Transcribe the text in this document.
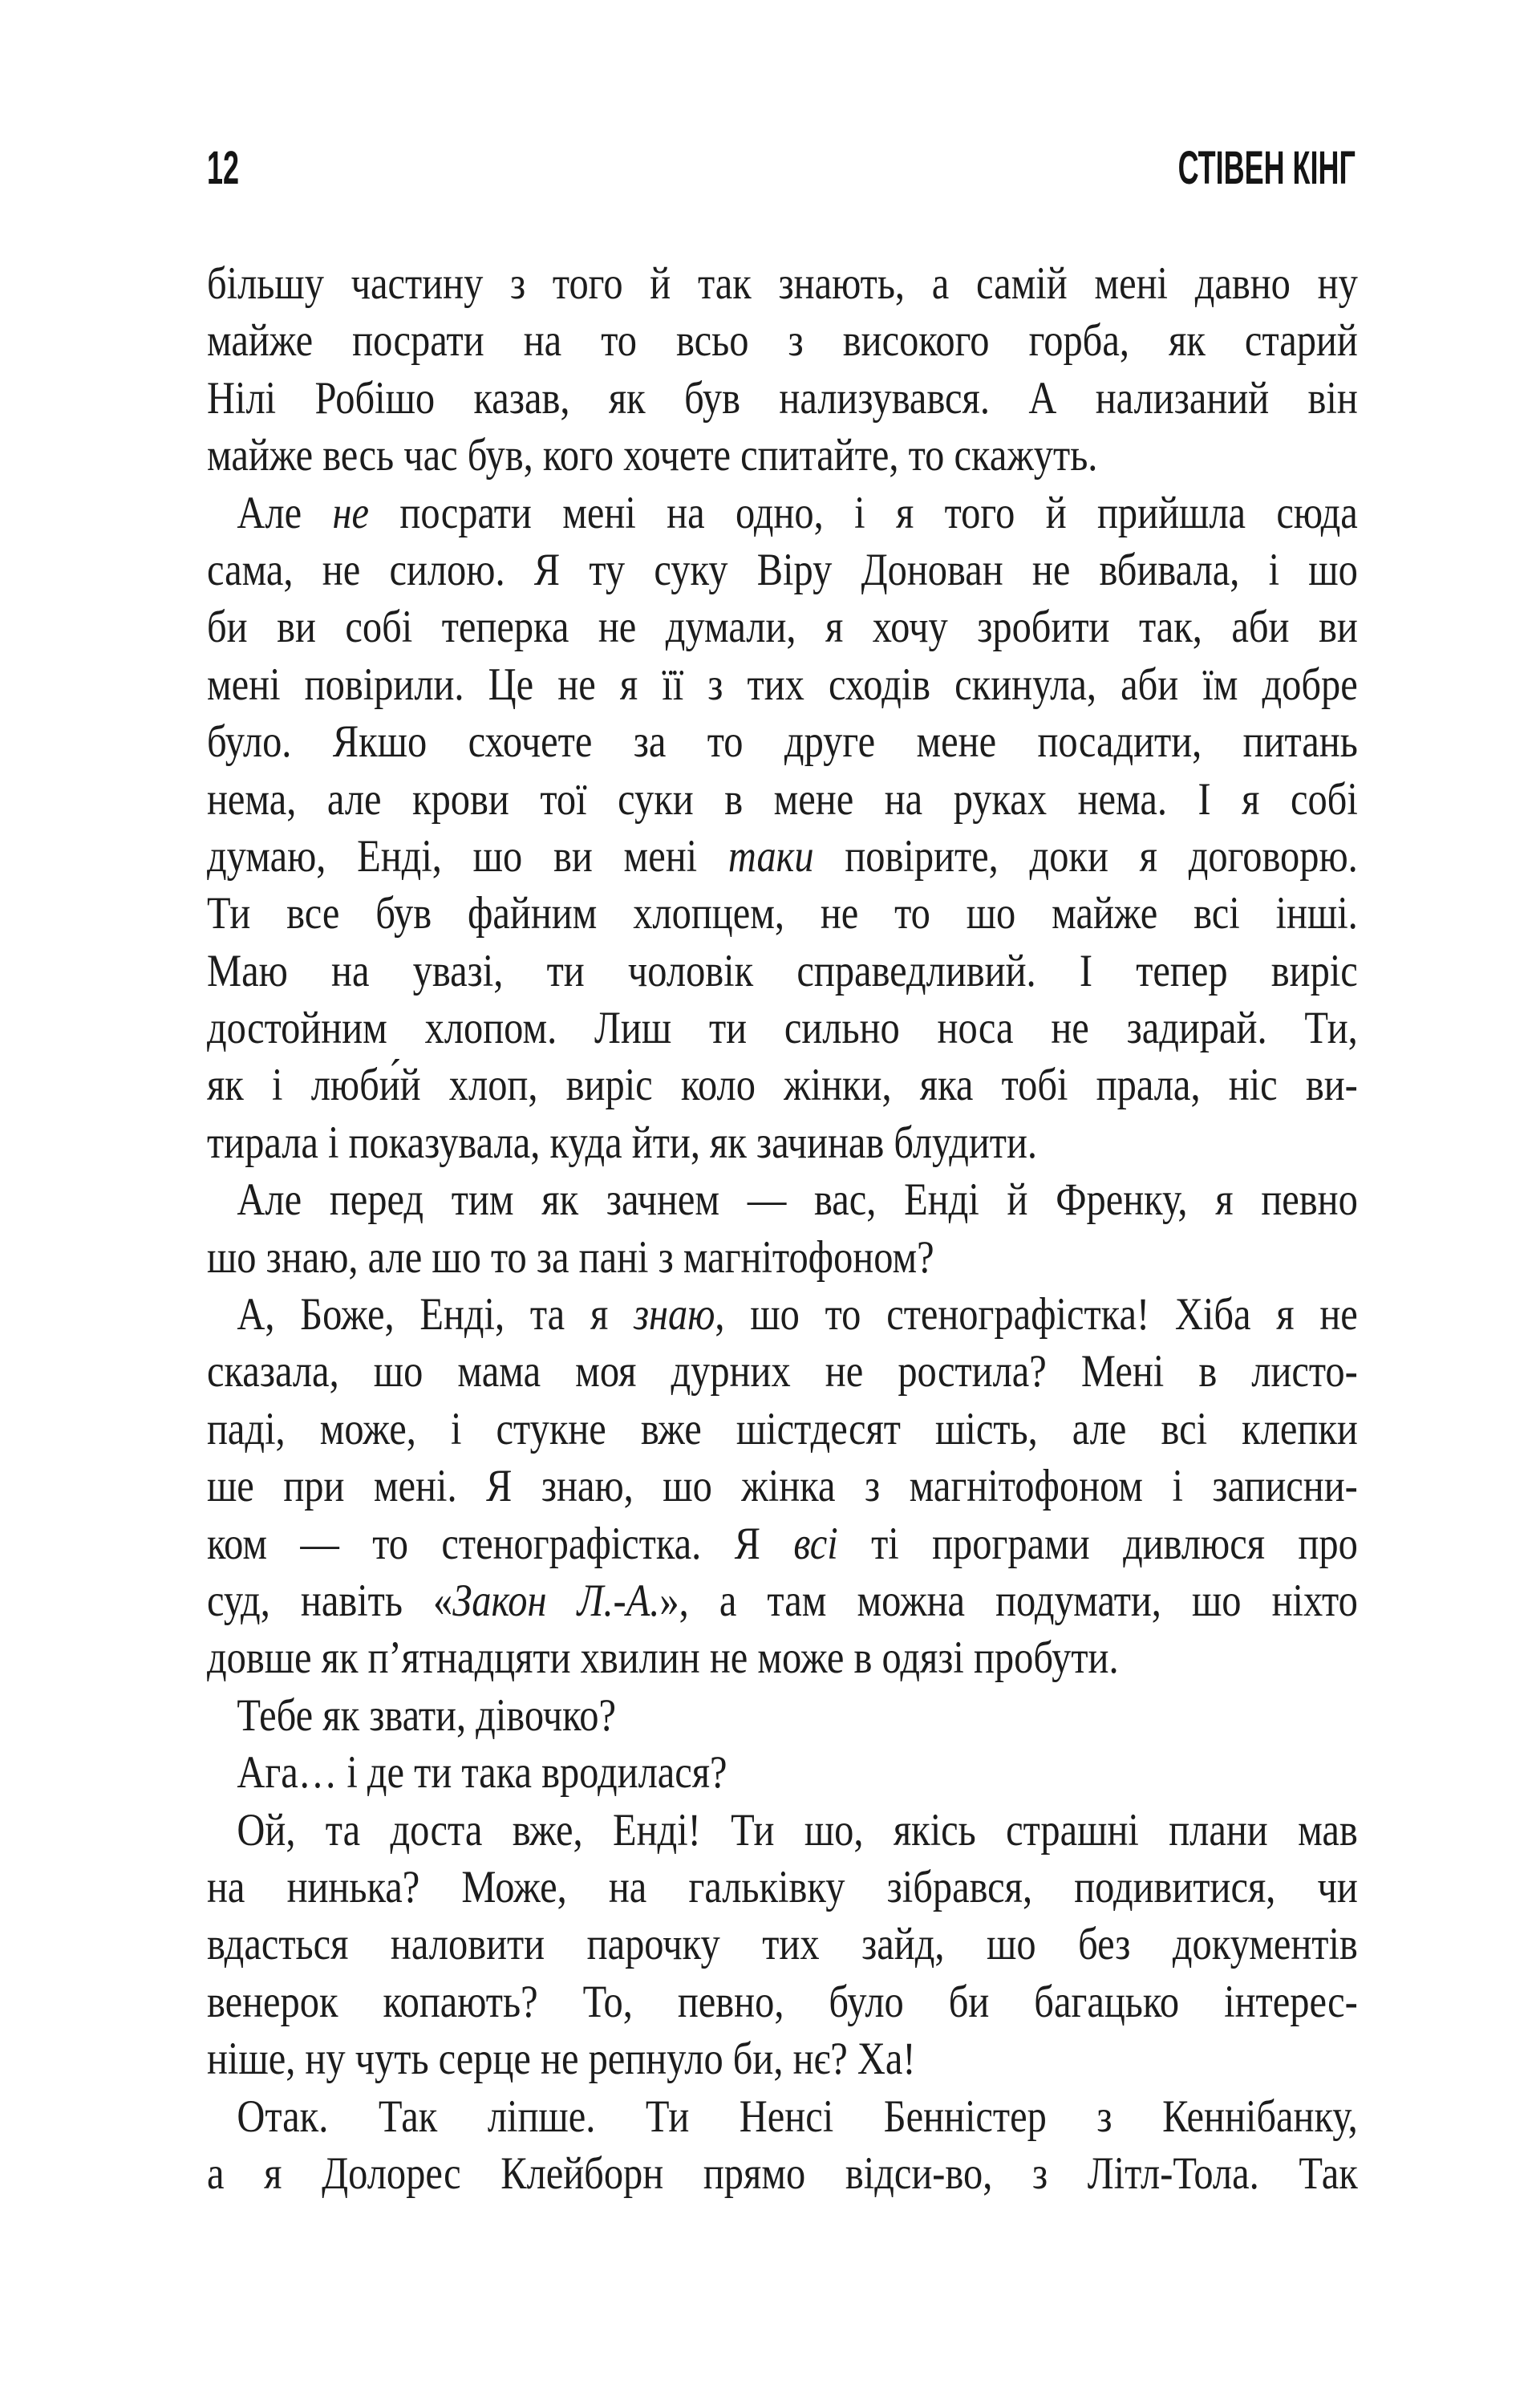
12	СТІВЕН КІНГ
більшу частину з того й так знають, а самій мені давно ну
майже посрати на то всьо з високого горба, як старий
Нілі Робішо казав, як був нализувався. А нализаний він
майже весь час був, кого хочете спитайте, то скажуть.
Але не посрати мені на одно, і я того й прийшла сюда
сама, не силою. Я ту суку Віру Донован не вбивала, і шо
би ви собі теперка не думали, я хочу зробити так, аби ви
мені повірили. Це не я її з тих сходів скинула, аби їм добре
було. Якшо схочете за то друге мене посадити, питань
нема, але крови тої суки в мене на руках нема. І я собі
думаю, Енді, шо ви мені таки повірите, доки я договорю.
Ти все був файним хлопцем, не то шо майже всі інші.
Маю на увазі, ти чоловік справедливий. І тепер виріс
достойним хлопом. Лиш ти сильно носа не задирай. Ти,
як і люби́й хлоп, виріс коло жінки, яка тобі прала, ніс ви-
тирала і показувала, куда йти, як зачинав блудити.
Але перед тим як зачнем — вас, Енді й Френку, я певно
шо знаю, але шо то за пані з магнітофоном?
А, Боже, Енді, та я знаю, шо то стенографістка! Хіба я не
сказала, шо мама моя дурних не ростила? Мені в листо-
паді, може, і стукне вже шістдесят шість, але всі клепки
ше при мені. Я знаю, шо жінка з магнітофоном і записни-
ком — то стенографістка. Я всі ті програми дивлюся про
суд, навіть «Закон Л.-А.», а там можна подумати, шо ніхто
довше як п’ятнадцяти хвилин не може в одязі пробути.
Тебе як звати, дівочко?
Ага… і де ти така вродилася?
Ой, та доста вже, Енді! Ти шо, якісь страшні плани мав
на нинька? Може, на гальківку зібрався, подивитися, чи
вдасться наловити парочку тих зайд, шо без документів
венерок копають? То, певно, було би багацько інтерес-
ніше, ну чуть серце не репнуло би, нє? Ха!
Отак. Так ліпше. Ти Ненсі Бенністер з Кеннібанку,
а я Долорес Клейборн прямо відси-во, з Літл-Тола. Так
